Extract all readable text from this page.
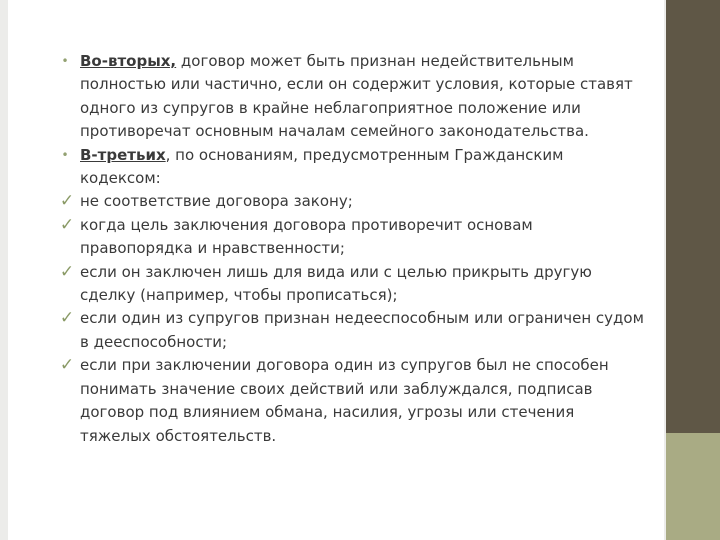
• Во-вторых, договор может быть признан недействительным полностью или частично, если он содержит условия, которые ставят одного из супругов в крайне неблагоприятное положение или противоречат основным началам семейного законодательства.

• В-третьих, по основаниям, предусмотренным Гражданским кодексом:

✓ не соответствие договора закону;

✓ когда цель заключения договора противоречит основам правопорядка и нравственности;

✓ если он заключен лишь для вида или с целью прикрыть другую сделку (например, чтобы прописаться);

✓ если один из супругов признан недееспособным или ограничен судом в дееспособности;

✓ если при заключении договора один из супругов был не способен понимать значение своих действий или заблуждался, подписав договор под влиянием обмана, насилия, угрозы или стечения тяжелых обстоятельств.
